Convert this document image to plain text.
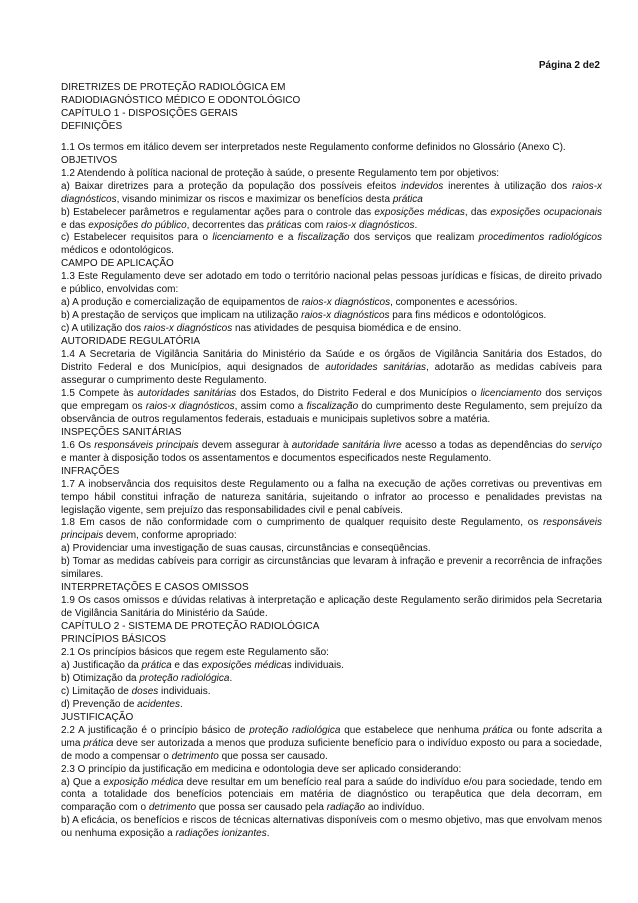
Página 2 de2

DIRETRIZES DE PROTEÇÃO RADIOLÓGICA EM

RADIODIAGNÓSTICO MÉDICO E ODONTOLÓGICO

CAPÍTULO 1 - DISPOSIÇÕES GERAIS

DEFINIÇÕES

1.1 Os termos em itálico devem ser interpretados neste Regulamento conforme definidos no Glossário (Anexo C).

OBJETIVOS

1.2 Atendendo à política nacional de proteção à saúde, o presente Regulamento tem por objetivos:

a) Baixar diretrizes para a proteção da população dos possíveis efeitos indevidos inerentes à utilização dos raios-x diagnósticos, visando minimizar os riscos e maximizar os benefícios desta prática

b) Estabelecer parâmetros e regulamentar ações para o controle das exposições médicas, das exposições ocupacionais e das exposições do público, decorrentes das práticas com raios-x diagnósticos.

c) Estabelecer requisitos para o licenciamento e a fiscalização dos serviços que realizam procedimentos radiológicos médicos e odontológicos.

CAMPO DE APLICAÇÃO

1.3 Este Regulamento deve ser adotado em todo o território nacional pelas pessoas jurídicas e físicas, de direito privado e público, envolvidas com:

a) A produção e comercialização de equipamentos de raios-x diagnósticos, componentes e acessórios.

b) A prestação de serviços que implicam na utilização raios-x diagnósticos para fins médicos e odontológicos.

c) A utilização dos raios-x diagnósticos nas atividades de pesquisa biomédica e de ensino.

AUTORIDADE REGULATÓRIA

1.4 A Secretaria de Vigilância Sanitária do Ministério da Saúde e os órgãos de Vigilância Sanitária dos Estados, do Distrito Federal e dos Municípios, aqui designados de autoridades sanitárias, adotarão as medidas cabíveis para assegurar o cumprimento deste Regulamento.

1.5 Compete às autoridades sanitárias dos Estados, do Distrito Federal e dos Municípios o licenciamento dos serviços que empregam os raios-x diagnósticos, assim como a fiscalização do cumprimento deste Regulamento, sem prejuízo da observância de outros regulamentos federais, estaduais e municipais supletivos sobre a matéria.

INSPEÇÕES SANITÁRIAS

1.6 Os responsáveis principais devem assegurar à autoridade sanitária livre acesso a todas as dependências do serviço e manter à disposição todos os assentamentos e documentos especificados neste Regulamento.

INFRAÇÕES

1.7 A inobservância dos requisitos deste Regulamento ou a falha na execução de ações corretivas ou preventivas em tempo hábil constitui infração de natureza sanitária, sujeitando o infrator ao processo e penalidades previstas na legislação vigente, sem prejuízo das responsabilidades civil e penal cabíveis.

1.8 Em casos de não conformidade com o cumprimento de qualquer requisito deste Regulamento, os responsáveis principais devem, conforme apropriado:

a) Providenciar uma investigação de suas causas, circunstâncias e conseqüências.

b) Tomar as medidas cabíveis para corrigir as circunstâncias que levaram à infração e prevenir a recorrência de infrações similares.

INTERPRETAÇÕES E CASOS OMISSOS

1.9 Os casos omissos e dúvidas relativas à interpretação e aplicação deste Regulamento serão dirimidos pela Secretaria de Vigilância Sanitária do Ministério da Saúde.

CAPÍTULO 2 - SISTEMA DE PROTEÇÃO RADIOLÓGICA

PRINCÍPIOS BÁSICOS

2.1 Os princípios básicos que regem este Regulamento são:

a) Justificação da prática e das exposições médicas individuais.

b) Otimização da proteção radiológica.

c) Limitação de doses individuais.

d) Prevenção de acidentes.

JUSTIFICAÇÃO

2.2 A justificação é o princípio básico de proteção radiológica que estabelece que nenhuma prática ou fonte adscrita a uma prática deve ser autorizada a menos que produza suficiente benefício para o indivíduo exposto ou para a sociedade, de modo a compensar o detrimento que possa ser causado.

2.3 O princípio da justificação em medicina e odontologia deve ser aplicado considerando:

a) Que a exposição médica deve resultar em um benefício real para a saúde do indivíduo e/ou para sociedade, tendo em conta a totalidade dos benefícios potenciais em matéria de diagnóstico ou terapêutica que dela decorram, em comparação com o detrimento que possa ser causado pela radiação ao indivíduo.

b) A eficácia, os benefícios e riscos de técnicas alternativas disponíveis com o mesmo objetivo, mas que envolvam menos ou nenhuma exposição a radiações ionizantes.
